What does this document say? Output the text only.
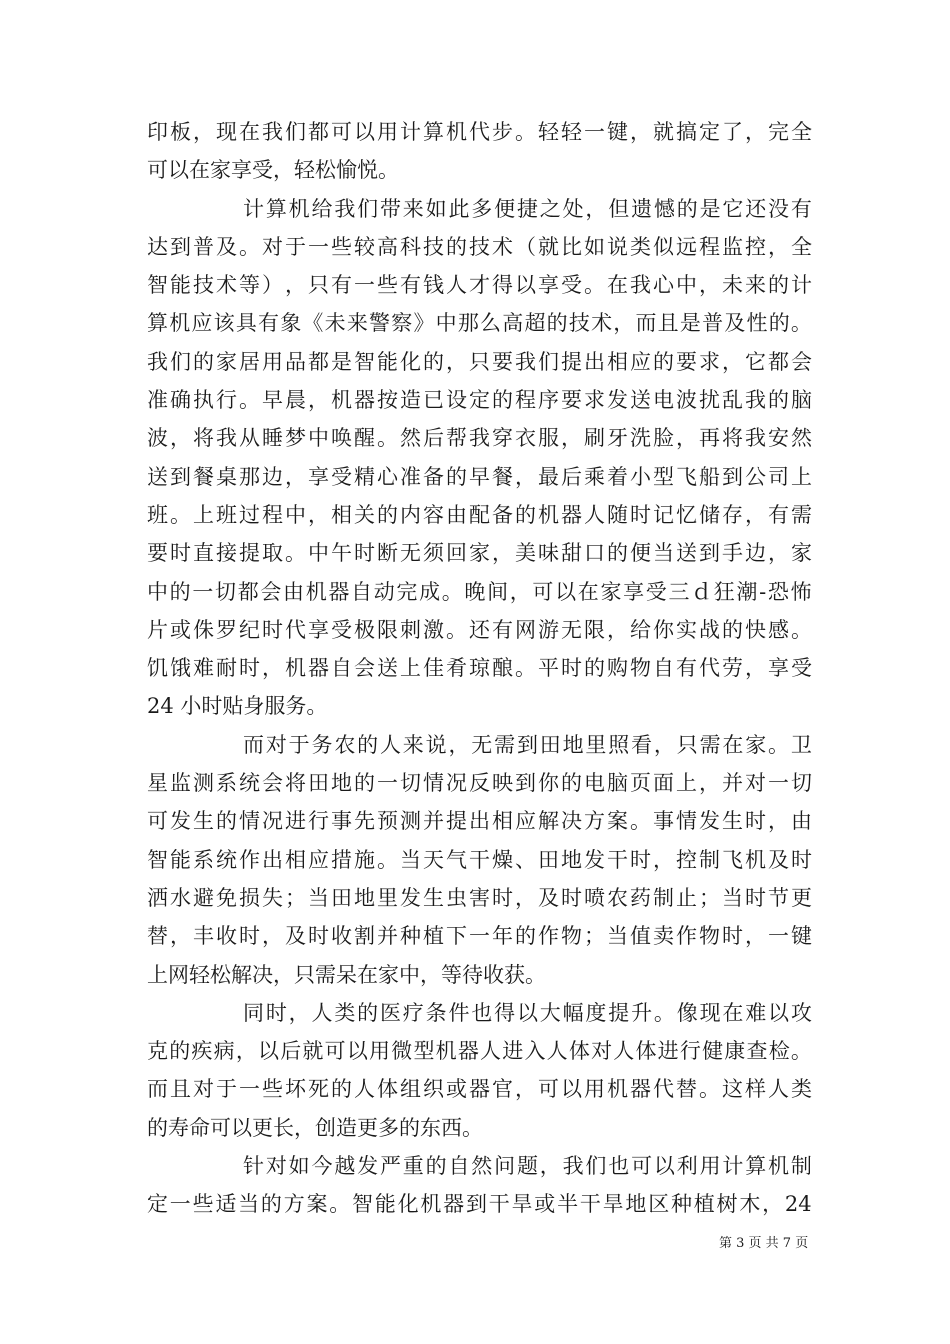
印 板 ， 现 在 我 们 都 可 以 用 计 算 机 代 步 。 轻 轻 一 键 ， 就 搞 定 了 ， 完 全
可以在家享受，轻松愉悦。
计 算 机 给 我 们 带 来 如 此 多 便 捷 之 处 ， 但 遗 憾 的 是 它 还 没 有
达 到 普 及 。 对 于 一 些 较 高 科 技 的 技 术 （ 就 比 如 说 类 似 远 程 监 控 ， 全
智 能 技 术 等 ） ， 只 有 一 些 有 钱 人 才 得 以 享 受 。 在 我 心 中 ， 未 来 的 计
算 机 应 该 具 有 象 《 未 来 警 察 》 中 那 么 高 超 的 技 术 ， 而 且 是 普 及 性 的 。
我 们 的 家 居 用 品 都 是 智 能 化 的 ， 只 要 我 们 提 出 相 应 的 要 求 ， 它 都 会
准 确 执 行 。 早 晨 ， 机 器 按 造 已 设 定 的 程 序 要 求 发 送 电 波 扰 乱 我 的 脑
波 ， 将 我 从 睡 梦 中 唤 醒 。 然 后 帮 我 穿 衣 服 ， 刷 牙 洗 脸 ， 再 将 我 安 然
送 到 餐 桌 那 边 ， 享 受 精 心 准 备 的 早 餐 ， 最 后 乘 着 小 型 飞 船 到 公 司 上
班 。 上 班 过 程 中 ， 相 关 的 内 容 由 配 备 的 机 器 人 随 时 记 忆 储 存 ， 有 需
要 时 直 接 提 取 。 中 午 时 断 无 须 回 家 ， 美 味 甜 口 的 便 当 送 到 手 边 ， 家
中 的 一 切 都 会 由 机 器 自 动 完 成 。 晚 间 ， 可 以 在 家 享 受 三 ｄ 狂 潮 - 恐 怖
片 或 侏 罗 纪 时 代 享 受 极 限 刺 激 。 还 有 网 游 无 限 ， 给 你 实 战 的 快 感 。
饥 饿 难 耐 时 ， 机 器 自 会 送 上 佳 肴 琼 酿 。 平 时 的 购 物 自 有 代 劳 ， 享 受
24 小时贴身服务。
而 对 于 务 农 的 人 来 说 ， 无 需 到 田 地 里 照 看 ， 只 需 在 家 。 卫
星 监 测 系 统 会 将 田 地 的 一 切 情 况 反 映 到 你 的 电 脑 页 面 上 ， 并 对 一 切
可 发 生 的 情 况 进 行 事 先 预 测 并 提 出 相 应 解 决 方 案 。 事 情 发 生 时 ， 由
智 能 系 统 作 出 相 应 措 施 。 当 天 气 干 燥 、 田 地 发 干 时 ， 控 制 飞 机 及 时
洒 水 避 免 损 失 ； 当 田 地 里 发 生 虫 害 时 ， 及 时 喷 农 药 制 止 ； 当 时 节 更
替 ， 丰 收 时 ， 及 时 收 割 并 种 植 下 一 年 的 作 物 ； 当 值 卖 作 物 时 ， 一 键
上网轻松解决，只需呆在家中，等待收获。
同 时 ， 人 类 的 医 疗 条 件 也 得 以 大 幅 度 提 升 。 像 现 在 难 以 攻
克 的 疾 病 ， 以 后 就 可 以 用 微 型 机 器 人 进 入 人 体 对 人 体 进 行 健 康 查 检 。
而 且 对 于 一 些 坏 死 的 人 体 组 织 或 器 官 ， 可 以 用 机 器 代 替 。 这 样 人 类
的寿命可以更长，创造更多的东西。
针 对 如 今 越 发 严 重 的 自 然 问 题 ， 我 们 也 可 以 利 用 计 算 机 制
定 一 些 适 当 的 方 案 。 智 能 化 机 器 到 干 旱 或 半 干 旱 地 区 种 植 树 木 ， 24
第 3 页 共 7 页
